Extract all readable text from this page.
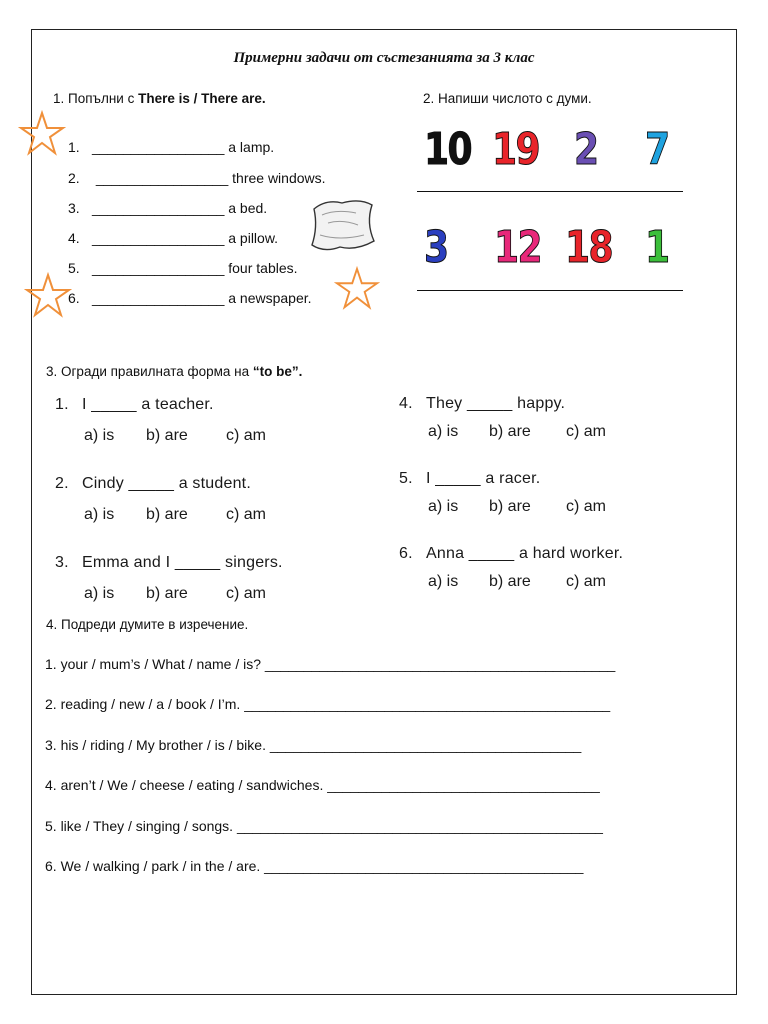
Примерни задачи от състезанията за 3 клас
1. Попълни с There is / There are.
1. _________________ a lamp.
2. _________________ three windows.
3. _________________ a bed.
4. _________________ a pillow.
5. _________________ four tables.
6. _________________ a newspaper.
2. Напиши числото с думи.
10 19 2 7
3 12 18 1
3. Огради правилната форма на “to be”.
1. I _____ a teacher.
a) is b) are c) am
2. Cindy _____ a student.
a) is b) are c) am
3. Emma and I _____ singers.
a) is b) are c) am
4. They _____ happy.
a) is b) are c) am
5. I _____ a racer.
a) is b) are c) am
6. Anna _____ a hard worker.
a) is b) are c) am
4. Подреди думите в изречение.
1. your / mum’s / What / name / is? _____________________________________________
2. reading / new / a / book / I’m. _______________________________________________
3. his / riding / My brother / is / bike. ________________________________________
4. aren’t / We / cheese / eating / sandwiches. ___________________________________
5. like / They / singing / songs. _______________________________________________
6. We / walking / park / in the / are. _________________________________________
